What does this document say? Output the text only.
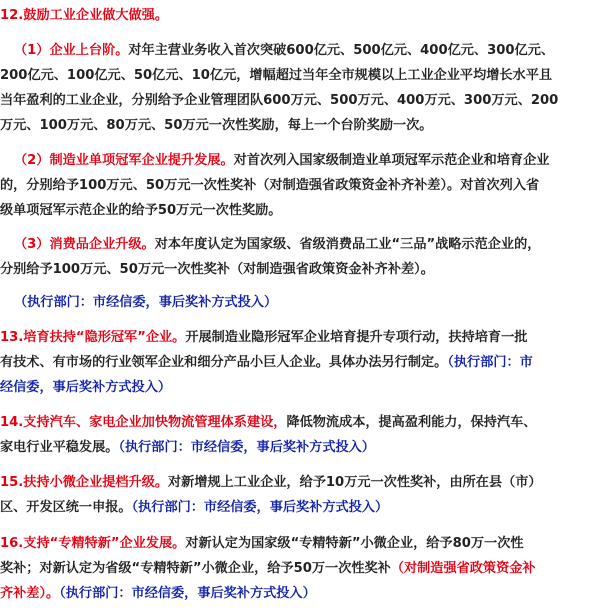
12.鼓励工业企业做大做强。
（1）企业上台阶。对年主营业务收入首次突破600亿元、500亿元、400亿元、300亿元、
200亿元、100亿元、50亿元、10亿元，增幅超过当年全市规模以上工业企业平均增长水平且
当年盈利的工业企业，分别给予企业管理团队600万元、500万元、400万元、300万元、200
万元、100万元、80万元、50万元一次性奖励，每上一个台阶奖励一次。
（2）制造业单项冠军企业提升发展。对首次列入国家级制造业单项冠军示范企业和培育企业
的，分别给予100万元、50万元一次性奖补（对制造强省政策资金补齐补差）。对首次列入省
级单项冠军示范企业的给予50万元一次性奖励。
（3）消费品企业升级。对本年度认定为国家级、省级消费品工业“三品”战略示范企业的，
分别给予100万元、50万元一次性奖补（对制造强省政策资金补齐补差）。
（执行部门：市经信委，事后奖补方式投入）
13.培育扶持“隐形冠军”企业。开展制造业隐形冠军企业培育提升专项行动，扶持培育一批
有技术、有市场的行业领军企业和细分产品小巨人企业。具体办法另行制定。（执行部门：市
经信委，事后奖补方式投入）
14.支持汽车、家电企业加快物流管理体系建设，降低物流成本，提高盈利能力，保持汽车、
家电行业平稳发展。（执行部门：市经信委，事后奖补方式投入）
15.扶持小微企业提档升级。对新增规上工业企业，给予10万元一次性奖补，由所在县（市）
区、开发区统一申报。（执行部门：市经信委，事后奖补方式投入）
16.支持“专精特新”企业发展。对新认定为国家级“专精特新”小微企业，给予80万一次性
奖补；对新认定为省级“专精特新”小微企业，给予50万一次性奖补（对制造强省政策资金补
齐补差）。（执行部门：市经信委，事后奖补方式投入）
